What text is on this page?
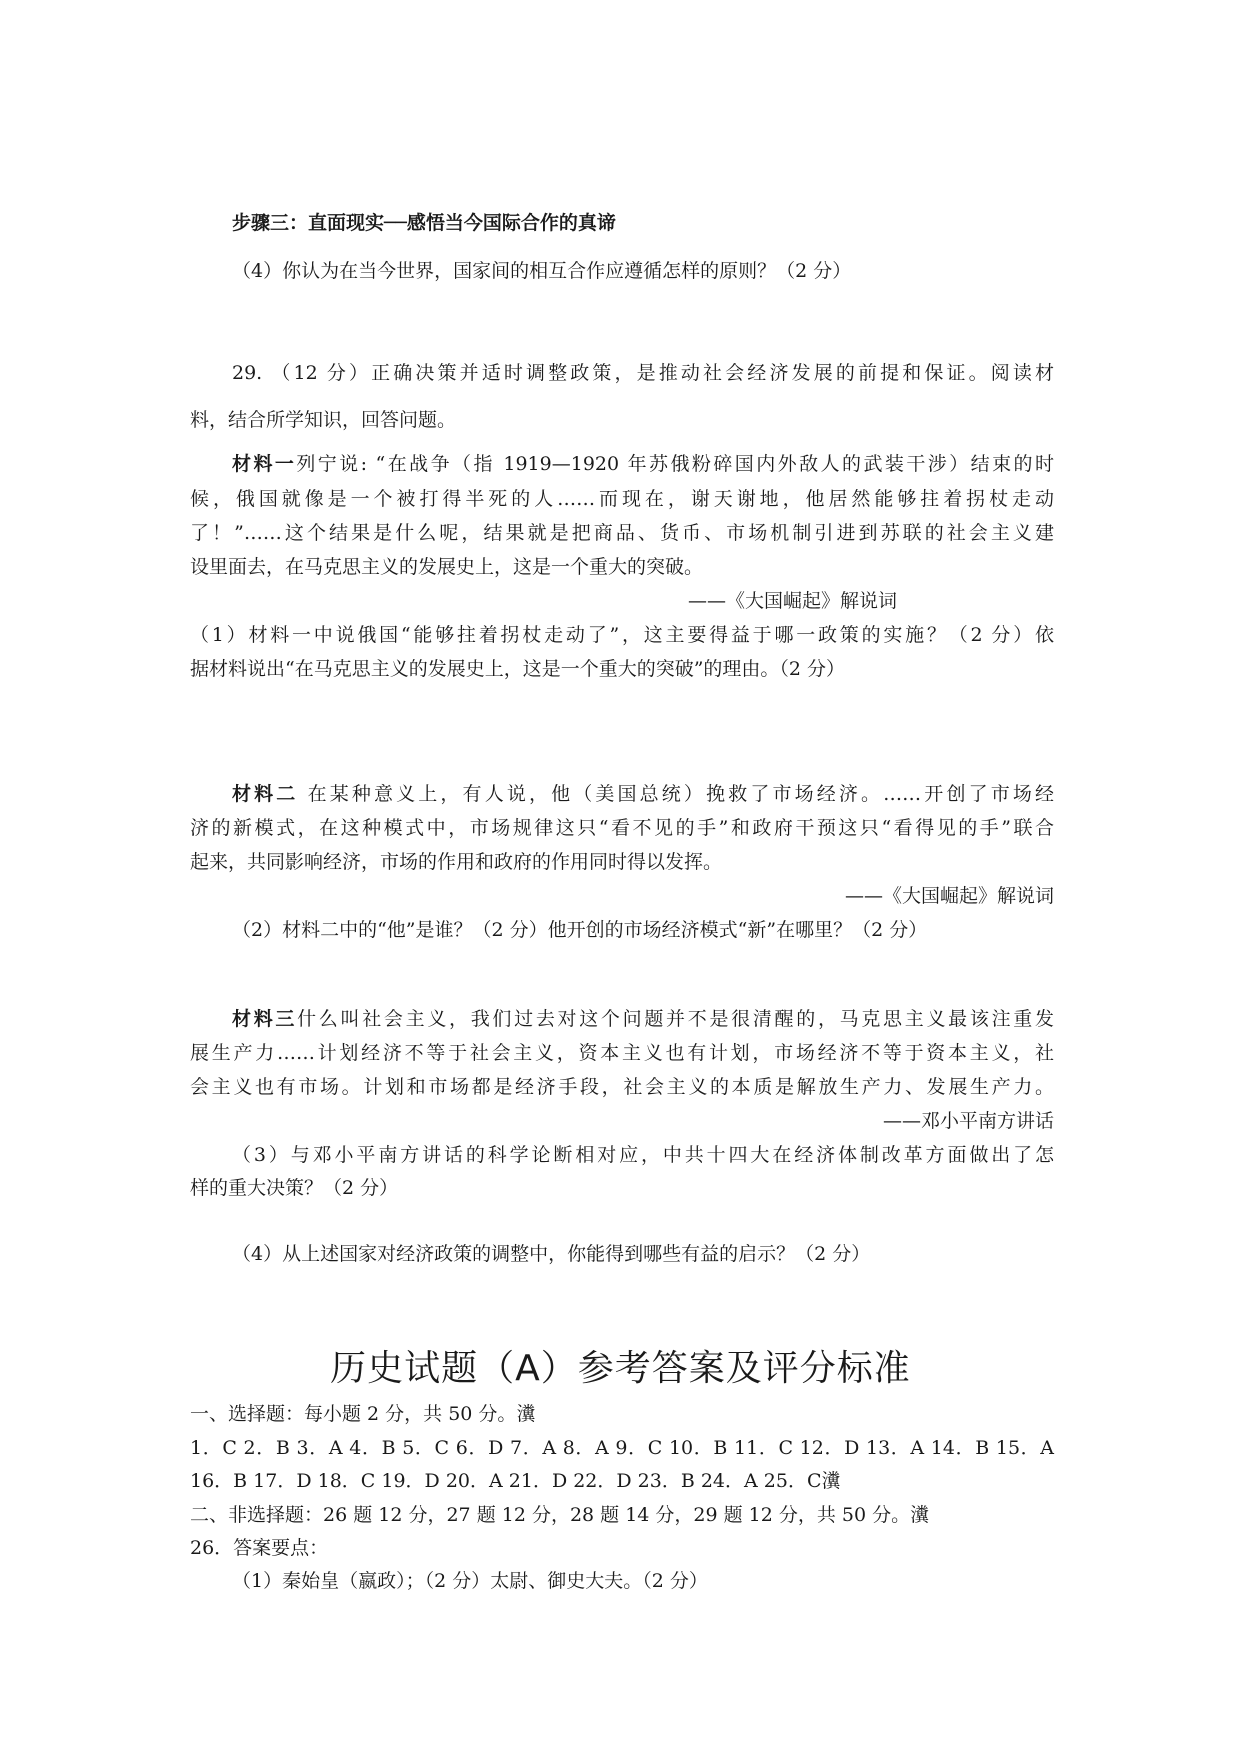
步骤三：直面现实──感悟当今国际合作的真谛
（4）你认为在当今世界，国家间的相互合作应遵循怎样的原则？（2 分）
29. （12 分）正确决策并适时调整政策，是推动社会经济发展的前提和保证。阅读材
料，结合所学知识，回答问题。
材料一列宁说: “在战争（指 1919—1920 年苏俄粉碎国内外敌人的武装干涉）结束的时
候，俄国就像是一个被打得半死的人……而现在，谢天谢地，他居然能够拄着拐杖走动
了！”……这个结果是什么呢，结果就是把商品、货币、市场机制引进到苏联的社会主义建
设里面去，在马克思主义的发展史上，这是一个重大的突破。
——《大国崛起》解说词
（1）材料一中说俄国“能够拄着拐杖走动了”，这主要得益于哪一政策的实施？（2 分）依
据材料说出“在马克思主义的发展史上，这是一个重大的突破”的理由。（2 分）
材料二 在某种意义上，有人说，他（美国总统）挽救了市场经济。……开创了市场经
济的新模式，在这种模式中，市场规律这只“看不见的手”和政府干预这只“看得见的手”联合
起来，共同影响经济，市场的作用和政府的作用同时得以发挥。
——《大国崛起》解说词
（2）材料二中的“他”是谁？（2 分）他开创的市场经济模式“新”在哪里？（2 分）
材料三什么叫社会主义，我们过去对这个问题并不是很清醒的，马克思主义最该注重发
展生产力……计划经济不等于社会主义，资本主义也有计划，市场经济不等于资本主义，社
会主义也有市场。计划和市场都是经济手段，社会主义的本质是解放生产力、发展生产力。
——邓小平南方讲话
（3）与邓小平南方讲话的科学论断相对应，中共十四大在经济体制改革方面做出了怎
样的重大决策？（2 分）
（4）从上述国家对经济政策的调整中，你能得到哪些有益的启示？（2 分）
历史试题（A）参考答案及评分标准
一、选择题：每小题 2 分，共 50 分。瀵
1．C 2．B 3．A 4．B 5．C 6．D 7．A 8．A 9．C 10．B 11．C 12．D 13．A 14．B 15．A
16．B 17．D 18．C 19．D 20．A 21．D 22．D 23．B 24．A 25．C瀵
二、非选择题：26 题 12 分，27 题 12 分，28 题 14 分，29 题 12 分，共 50 分。瀵
26．答案要点：
（1）秦始皇（嬴政）；（2 分）太尉、御史大夫。（2 分）
